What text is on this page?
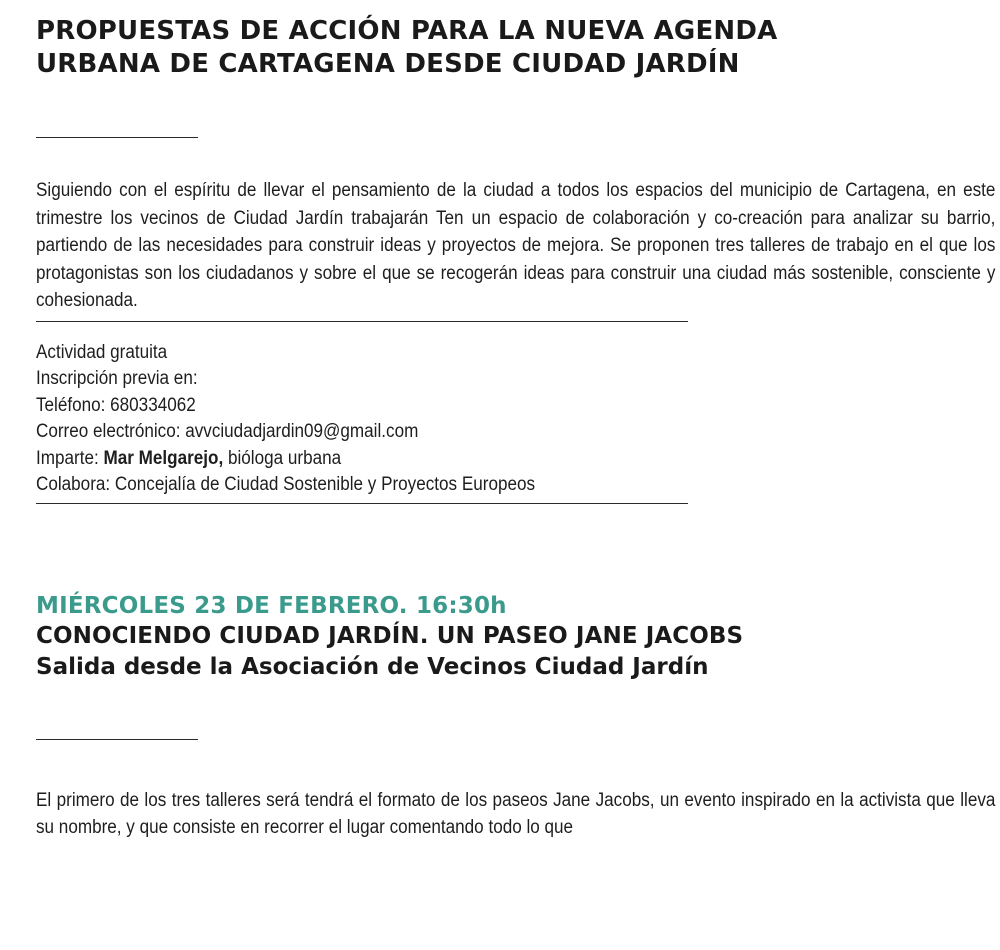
PROPUESTAS DE ACCIÓN PARA LA NUEVA AGENDA
URBANA DE CARTAGENA DESDE CIUDAD JARDÍN

Siguiendo con el espíritu de llevar el pensamiento de la ciudad a todos los espacios del municipio de Cartagena, en este trimestre los vecinos de Ciudad Jardín trabajarán Ten un espacio de colaboración y co-creación para analizar su barrio, partiendo de las necesidades para construir ideas y proyectos de mejora. Se proponen tres talleres de trabajo en el que los protagonistas son los ciudadanos y sobre el que se recogerán ideas para construir una ciudad más sostenible, consciente y cohesionada.

Actividad gratuita
Inscripción previa en:
Teléfono: 680334062
Correo electrónico: avvciudadjardin09@gmail.com
Imparte: Mar Melgarejo, bióloga urbana
Colabora: Concejalía de Ciudad Sostenible y Proyectos Europeos
MIÉRCOLES 23 DE FEBRERO. 16:30h
CONOCIENDO CIUDAD JARDÍN. UN PASEO JANE JACOBS
Salida desde la Asociación de Vecinos Ciudad Jardín

El primero de los tres talleres será tendrá el formato de los paseos Jane Jacobs, un evento inspirado en la activista que lleva su nombre, y que consiste en recorrer el lugar comentando todo lo que
